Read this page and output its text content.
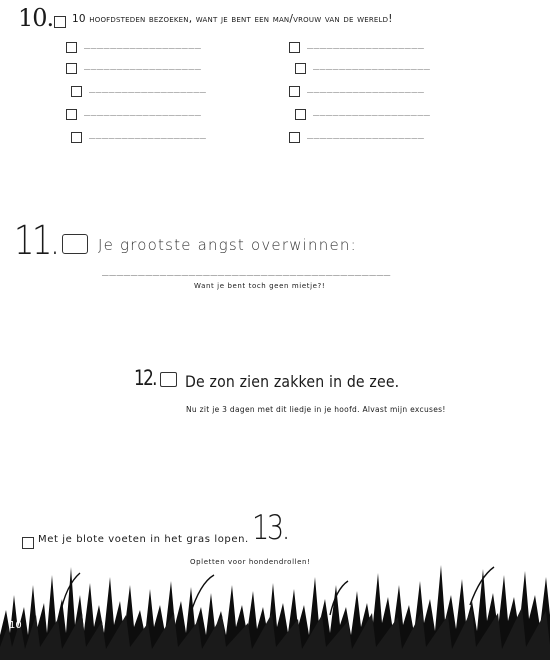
10. 10 hoofdsteden bezoeken, want je bent een man/vrouw van de wereld!
__________________
__________________
__________________
__________________
__________________
__________________
__________________
__________________
__________________
__________________
11.	Je grootste angst overwinnen:
________________________________________
Want je bent toch geen mietje?!
12. De zon zien zakken in de zee.
Nu zit je 3 dagen met dit liedje in je hoofd. Alvast mijn excuses!
Met je blote voeten in het gras lopen. 13.
Opletten voor hondendrollen!
10
